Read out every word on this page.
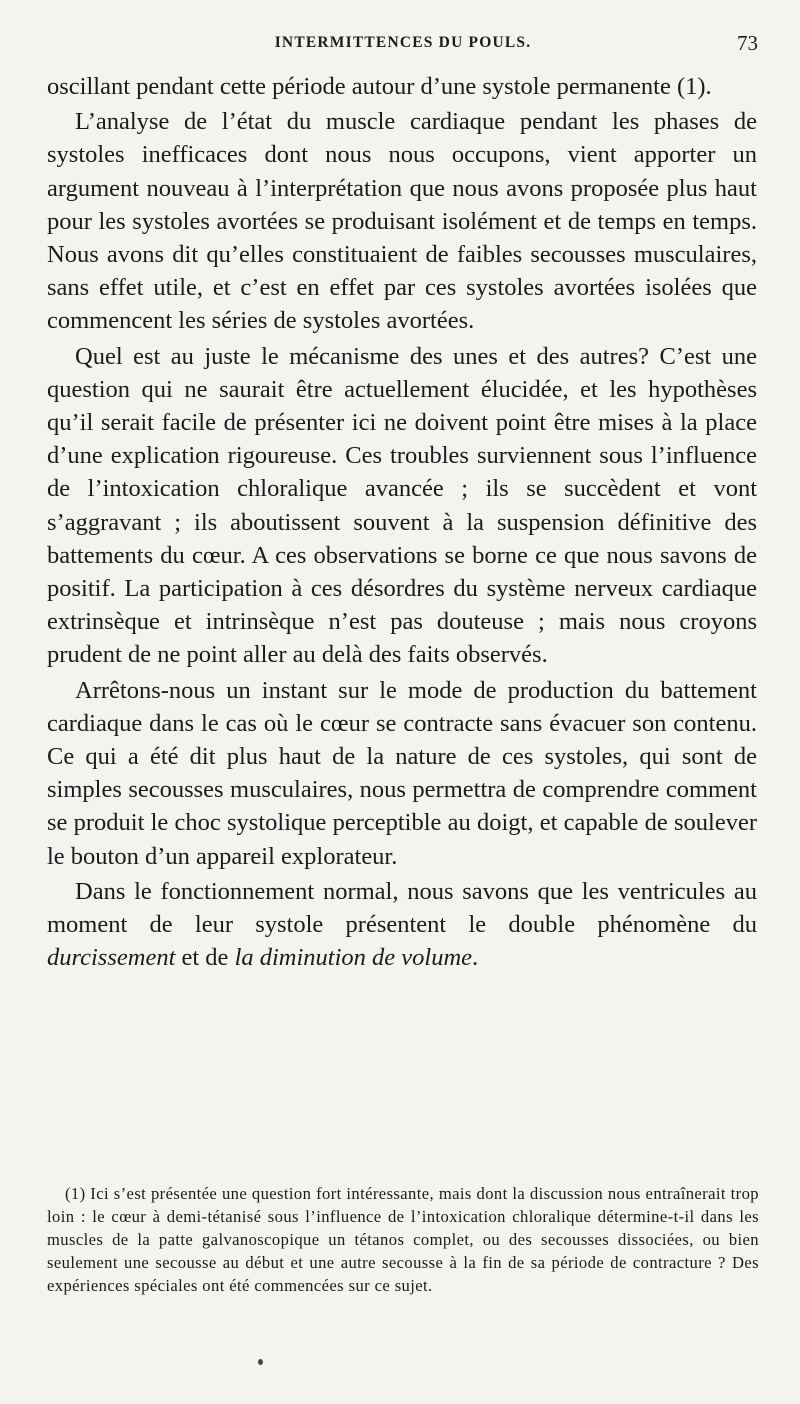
INTERMITTENCES DU POULS.	73

oscillant pendant cette période autour d’une systole permanente (1).

L’analyse de l’état du muscle cardiaque pendant les phases de systoles inefficaces dont nous nous occupons, vient apporter un argument nouveau à l’interprétation que nous avons proposée plus haut pour les systoles avortées se produisant isolément et de temps en temps. Nous avons dit qu’elles constituaient de faibles secousses musculaires, sans effet utile, et c’est en effet par ces systoles avortées isolées que commencent les séries de systoles avortées.

Quel est au juste le mécanisme des unes et des autres? C’est une question qui ne saurait être actuellement élucidée, et les hypothèses qu’il serait facile de présenter ici ne doivent point être mises à la place d’une explication rigoureuse. Ces troubles surviennent sous l’influence de l’intoxication chloralique avancée ; ils se succèdent et vont s’aggravant ; ils aboutissent souvent à la suspension définitive des battements du cœur. A ces observations se borne ce que nous savons de positif. La participation à ces désordres du système nerveux cardiaque extrinsèque et intrinsèque n’est pas douteuse ; mais nous croyons prudent de ne point aller au delà des faits observés.

Arrêtons-nous un instant sur le mode de production du battement cardiaque dans le cas où le cœur se contracte sans évacuer son contenu. Ce qui a été dit plus haut de la nature de ces systoles, qui sont de simples secousses musculaires, nous permettra de comprendre comment se produit le choc systolique perceptible au doigt, et capable de soulever le bouton d’un appareil explorateur.

Dans le fonctionnement normal, nous savons que les ventricules au moment de leur systole présentent le double phénomène du durcissement et de la diminution de volume.

(1) Ici s’est présentée une question fort intéressante, mais dont la discussion nous entraînerait trop loin : le cœur à demi-tétanisé sous l’influence de l’intoxication chloralique détermine-t-il dans les muscles de la patte galvanoscopique un tétanos complet, ou des secousses dissociées, ou bien seulement une secousse au début et une autre secousse à la fin de sa période de contracture ? Des expériences spéciales ont été commencées sur ce sujet.
